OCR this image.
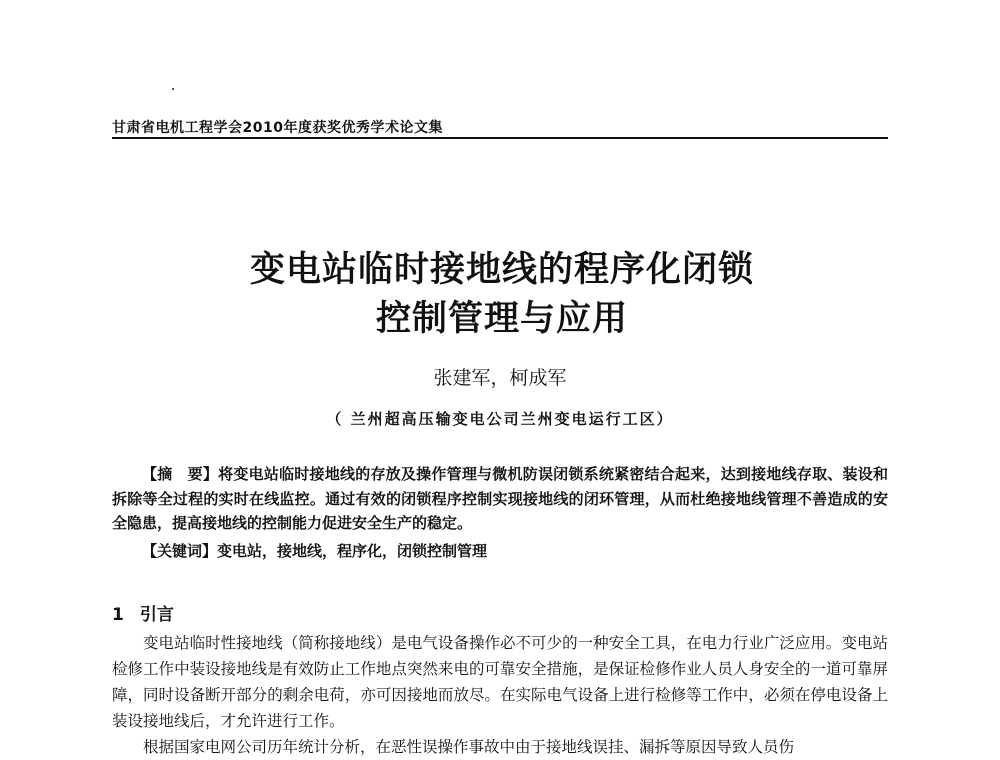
甘肃省电机工程学会2010年度获奖优秀学术论文集
变电站临时接地线的程序化闭锁
控制管理与应用
张建军，柯成军
（ 兰州超高压输变电公司兰州变电运行工区）
【摘　要】将变电站临时接地线的存放及操作管理与微机防误闭锁系统紧密结合起来，达到接地线存取、装设和拆除等全过程的实时在线监控。通过有效的闭锁程序控制实现接地线的闭环管理，从而杜绝接地线管理不善造成的安全隐患，提高接地线的控制能力促进安全生产的稳定。
【关键词】变电站，接地线，程序化，闭锁控制管理
1 引言
变电站临时性接地线（简称接地线）是电气设备操作必不可少的一种安全工具，在电力行业广泛应用。变电站检修工作中装设接地线是有效防止工作地点突然来电的可靠安全措施，是保证检修作业人员人身安全的一道可靠屏障，同时设备断开部分的剩余电荷，亦可因接地而放尽。在实际电气设备上进行检修等工作中，必须在停电设备上装设接地线后，才允许进行工作。
根据国家电网公司历年统计分析，在恶性误操作事故中由于接地线误挂、漏拆等原因导致人员伤
